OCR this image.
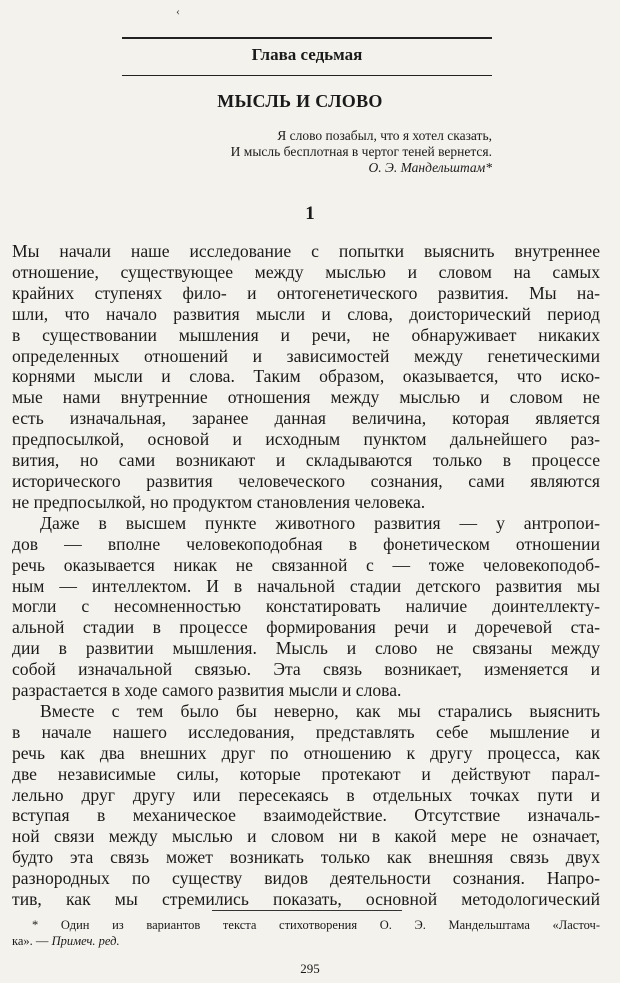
‹
Глава седьмая
МЫСЛЬ И СЛОВО
Я слово позабыл, что я хотел сказать,
И мысль бесплотная в чертог теней вернется.
О. Э. Мандельштам*
1
Мы начали наше исследование с попытки выяснить внутреннее
отношение, существующее между мыслью и словом на самых
крайних ступенях фило- и онтогенетического развития. Мы на-
шли, что начало развития мысли и слова, доисторический период
в существовании мышления и речи, не обнаруживает никаких
определенных отношений и зависимостей между генетическими
корнями мысли и слова. Таким образом, оказывается, что иско-
мые нами внутренние отношения между мыслью и словом не
есть изначальная, заранее данная величина, которая является
предпосылкой, основой и исходным пунктом дальнейшего раз-
вития, но сами возникают и складываются только в процессе
исторического развития человеческого сознания, сами являются
не предпосылкой, но продуктом становления человека.
Даже в высшем пункте животного развития — у антропои-
дов — вполне человекоподобная в фонетическом отношении
речь оказывается никак не связанной с — тоже человекоподоб-
ным — интеллектом. И в начальной стадии детского развития мы
могли с несомненностью констатировать наличие доинтеллекту-
альной стадии в процессе формирования речи и доречевой ста-
дии в развитии мышления. Мысль и слово не связаны между
собой изначальной связью. Эта связь возникает, изменяется и
разрастается в ходе самого развития мысли и слова.
Вместе с тем было бы неверно, как мы старались выяснить
в начале нашего исследования, представлять себе мышление и
речь как два внешних друг по отношению к другу процесса, как
две независимые силы, которые протекают и действуют парал-
лельно друг другу или пересекаясь в отдельных точках пути и
вступая в механическое взаимодействие. Отсутствие изначаль-
ной связи между мыслью и словом ни в какой мере не означает,
будто эта связь может возникать только как внешняя связь двух
разнородных по существу видов деятельности сознания. Напро-
тив, как мы стремились показать, основной методологический
* Один из вариантов текста стихотворения О. Э. Мандельштама «Ласточ-
ка». — Примеч. ред.
295
